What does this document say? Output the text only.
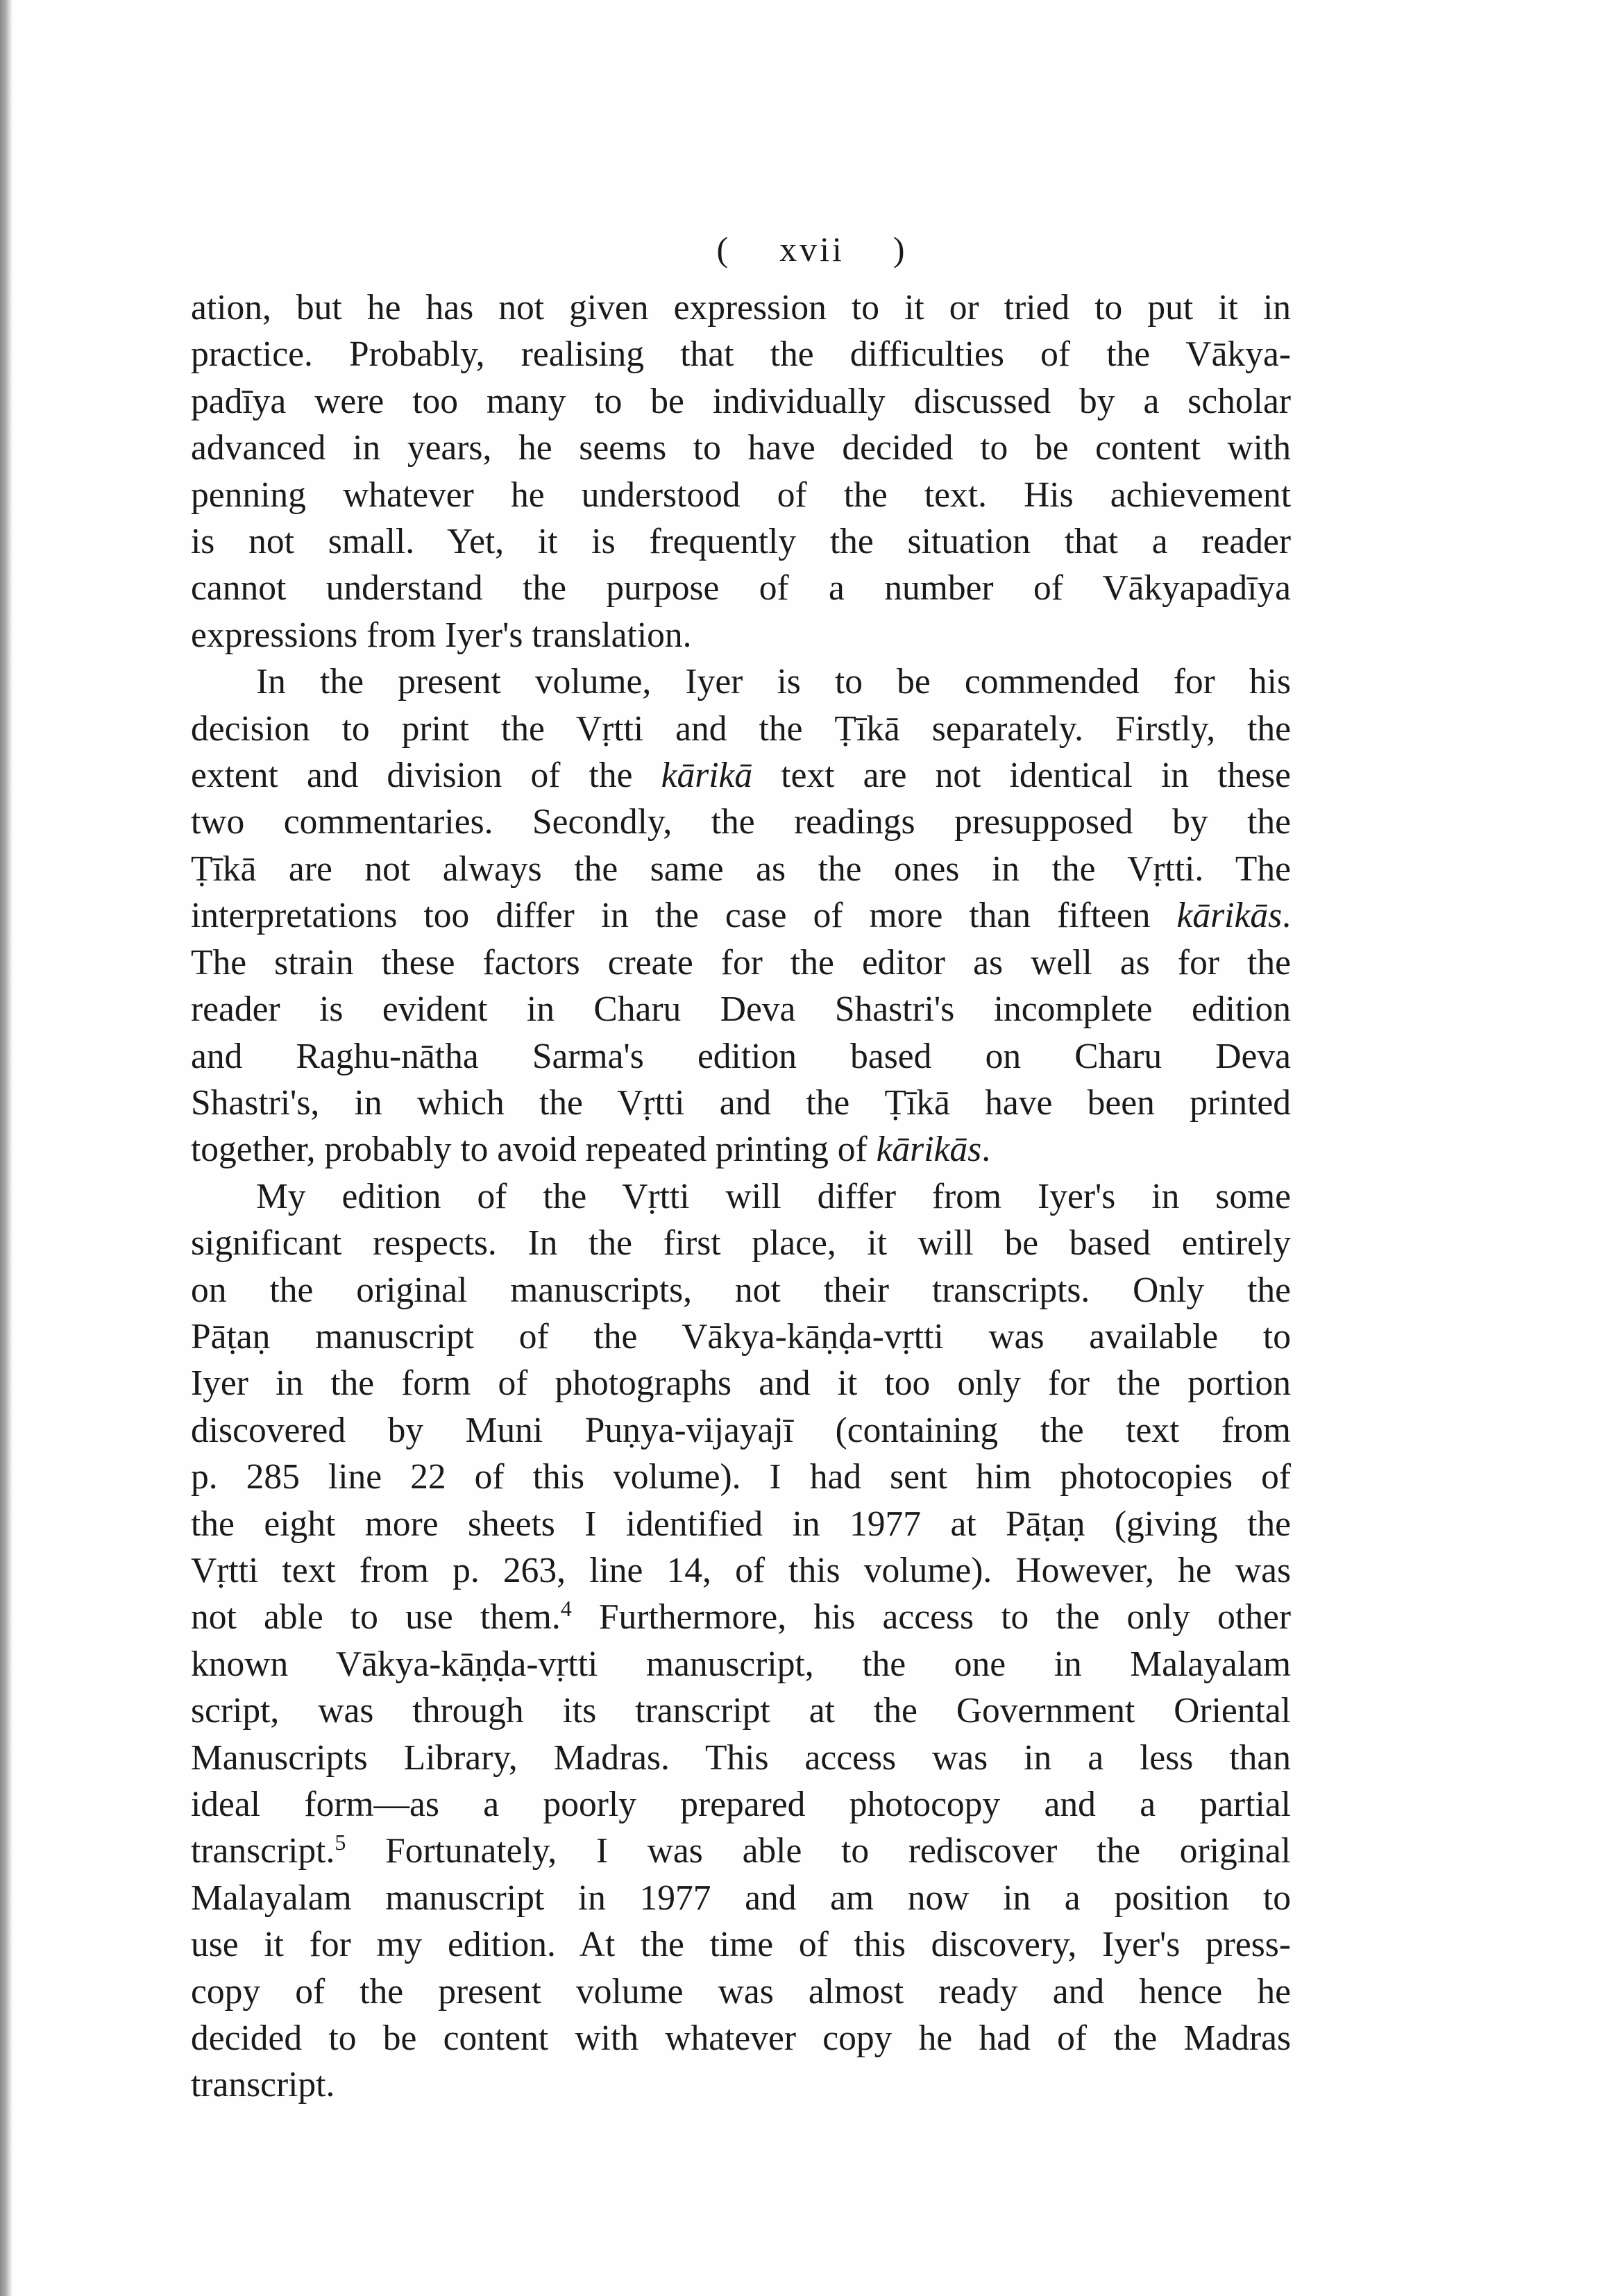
( xvii )
ation, but he has not given expression to it or tried to put it in
practice. Probably, realising that the difficulties of the Vākya-
padīya were too many to be individually discussed by a scholar
advanced in years, he seems to have decided to be content with
penning whatever he understood of the text. His achievement
is not small. Yet, it is frequently the situation that a reader
cannot understand the purpose of a number of Vākyapadīya
expressions from Iyer's translation.
In the present volume, Iyer is to be commended for his
decision to print the Vṛtti and the Ṭīkā separately. Firstly, the
extent and division of the kārikā text are not identical in these
two commentaries. Secondly, the readings presupposed by the
Ṭīkā are not always the same as the ones in the Vṛtti. The
interpretations too differ in the case of more than fifteen kārikās.
The strain these factors create for the editor as well as for the
reader is evident in Charu Deva Shastri's incomplete edition
and Raghu-nātha Sarma's edition based on Charu Deva
Shastri's, in which the Vṛtti and the Ṭīkā have been printed
together, probably to avoid repeated printing of kārikās.
My edition of the Vṛtti will differ from Iyer's in some
significant respects. In the first place, it will be based entirely
on the original manuscripts, not their transcripts. Only the
Pāṭaṇ manuscript of the Vākya-kāṇḍa-vṛtti was available to
Iyer in the form of photographs and it too only for the portion
discovered by Muni Puṇya-vijayajī (containing the text from
p. 285 line 22 of this volume). I had sent him photocopies of
the eight more sheets I identified in 1977 at Pāṭaṇ (giving the
Vṛtti text from p. 263, line 14, of this volume). However, he was
not able to use them.$^4$ Furthermore, his access to the only other
known Vākya-kāṇḍa-vṛtti manuscript, the one in Malayalam
script, was through its transcript at the Government Oriental
Manuscripts Library, Madras. This access was in a less than
ideal form—as a poorly prepared photocopy and a partial
transcript.$^5$ Fortunately, I was able to rediscover the original
Malayalam manuscript in 1977 and am now in a position to
use it for my edition. At the time of this discovery, Iyer's press-
copy of the present volume was almost ready and hence he
decided to be content with whatever copy he had of the Madras
transcript.
